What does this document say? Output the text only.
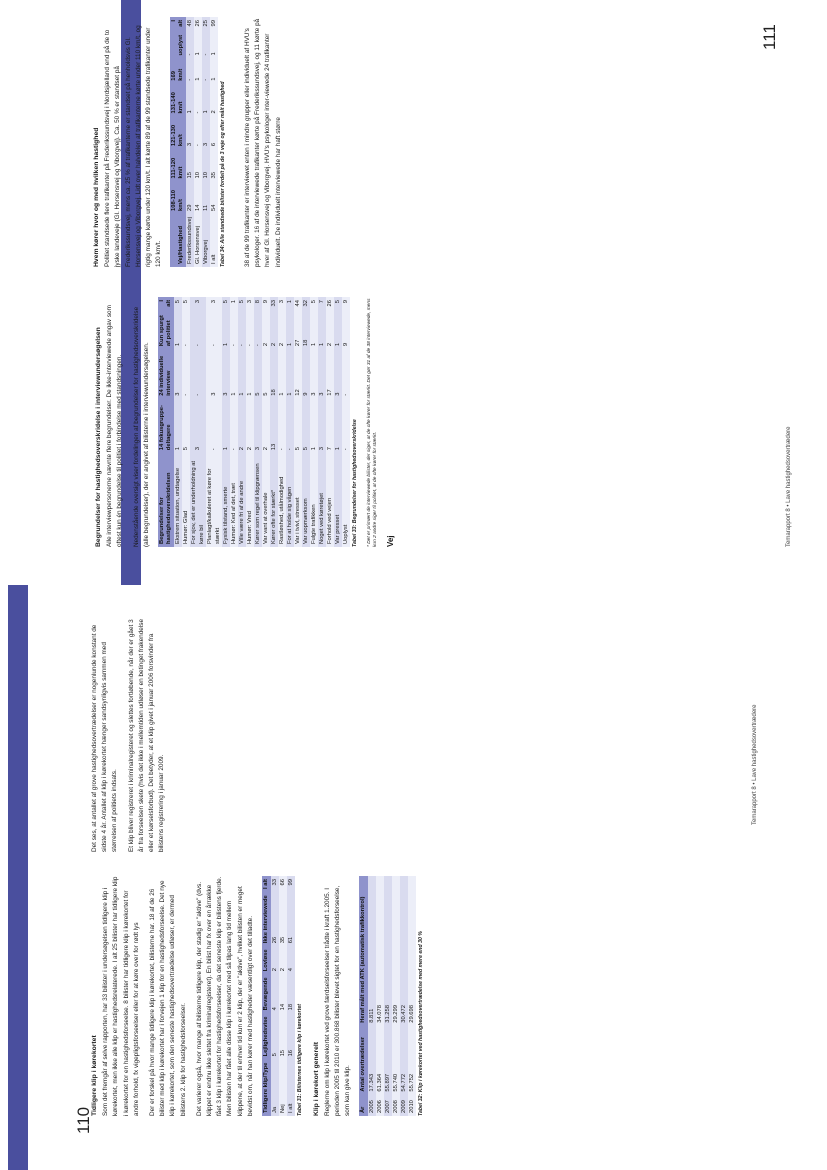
110
Tidligere klip i kørekortet Som det fremgår af selve rapporten, har 33 bilister i undersøgelsen tidligere klip i kørekortet, men ikke alle klip er hastighedsrelaterede. I alt 25 bilister har tidligere klip i kørekortet for en hastighedsforseelse. 8 bilister har tidligere klip i kørekortet for andre forhold, fx vigepligtsforseelser eller for at køre over for rødt lys	Der er forskel på hvor mange tidligere klip i kørekortet, bilisterne har. 18 af de 26 bilister med klip i kørekortet har i forvejen 1 klip for en hastighedsforseelse. Det nye klip i kørekortet, som den seneste hastighedsovertrædelse udløser, er dermed bilistens 2. klip for hastighedsforseelser.	Det varierer også, hvor mange af bilisterne tidligere klip, der stadig er "aktive" (dvs. klippet er endnu ikke slettet fra kriminalregisteret). En bilist har fx over en årrække fået 3 klip i kørekortet for hastighedsforseelser, da det seneste klip er bilistens fjerde. Men bilisten har fået alle disse klip i kørekortet med så tilpas lang tid mellem klippene, at der til enhver tid kun er 2 klip, der er "aktive", hvilket bilisten er meget bevidst om, når han kører med hastigheder væsentligt over det tilladte.	Tidligere klip/Type	Lejlighedsvise	Bevægende	Lovløse	Ikke interviewede	I alt
Ja	5	4	2	26	33
Nej	15	14	2	35	66
I alt	16	18	4	61	99
Tabel 31: Bilisternes tidligere klip i kørekortet Klip i kørekort generelt Reglerne om klip i kørekortet ved grove færdselsforseelser trådte i kraft 1.2005. I perioden 2005 til 2010 er 300.868 bilister blevet sigtet for en hastighedsforseelse, som kan give klip.	År	Antal overtrædelser	Heraf målt med ATK (automatisk trafikkontrol)
2005	17.343	8.811
2006	61.364	34.078
2007	55.897	31.258
2008	55.740	29.299
2009	54.772	30.472
2010	55.752	29.698 Tabel 32: Klip i kørekortet ved hastighedsovertrædelse med mere end 30 %

Det ses, at antallet af grove hastighedsovertrædelser er nogenlunde konstant de sidste 4 år. Antallet af klip i kørekortet hænger sandsynligvis sammen med størrelsen af politiets indsats.	Et klip bliver registreret i kriminalregisteret og slettes fortløbende, når der er gået 3 år fra forseelsen skete (hvis det ikke i mellemtiden udløser en betinget frakendelse eller et kørselsforbud). Det betyder, at et klip givet i januar 2006 forsvinder fra bilistens registrering i januar 2009.	Temarapport 8 • Lave hastighedsovertrædere
Begrundelser for hastighedsoverskridelse i interviewundersøgelsen Alle interviewpersonerne nævnte flere begrundelser. De ikke-interviewede angav som oftest kun én begrundelse til politiet i forbindelse med standsningen.	Nedenstående oversigt viser fordelingen af begrundelser for hastighedsoverskridelse (alle begrundelser), der er angivet af bilisterne i interviewundersøgelsen.	Begrundelser for hastighedsoverskridelsen	14 fokusgruppe-deltagere	24 individuelle interview	Kun spurgt af politiet	I alt
Ekstrem situation, undtagelse	1	3	1	5
Humør: Glad	5	-	-	5
For sjov, det er underholdning at køre bil	3	-	-	3
Planlagt/kalkuleret at køre for stærkt	-	3	-	3
Fysisk tilstand, smerte	1	3	1	5
Humør: Ked af det, træt	-	1	-	1
Ville være fri af de andre	2	1	-	5
Humør: Vred	2	1	-	3
Kører som regel til klipgrænsen	3	5	-	8
Var vant at overhale	2	5	2	9
Kører ofte for stærkt*	13	18	2	33
Rastløshed, utålmodighed	-	1	2	3
For at holde sig vågen	-	1	1	1
Var i tvivl, stresset	5	12	27	44
Var uopmærksom	5	9	18	32
Fulgte trafikken	1	3	1	5
Noget ved køretøjet	3	3	1	7
Forhold ved vejen	7	17	2	26
Var presset	1	3	1	5
Uoplyst	-	-	9	9
Tabel 33: Begrundelser for hastighedsoverskridelse * Det er primært de interviewede bilister, der siger, at de ofte kører for stærkt. Det gør 31 af de 38 interviewede, mens kun 2 andre siger til politiet, at de ofte kører for stærkt. Vej
Hvem kører hvor og med hvilken hastighed Politiet standsede flere trafikanter på Frederikssundsvej i Nordsjælland end på de to jyske landeveje (Gl. Horsensvej og Viborgvej). Ca. 50 % er standset på Frederikssundsvej, mens ca. 25 % af trafikanterne er standset på henholdsvis Gl. Horsensvej og Viborgvej. Lidt over halvdelen af trafikanterne kørte under 110 km/t, og rigtig mange kørte under 120 km/t. I alt kørte 89 af de 99 standsede trafikanter under 120 km/t.	Vej/Hastighed	108-110 km/t	111-120 km/t	121-130 km/t	131-140 km/t	169 km/t	uoplyst	I alt
Frederikssundsvej	29	15	3	1	-	-	48
Gl. Horsensvej	14	10	-	-	1	1	26
Viborgvej	11	10	3	1	-	-	25
I alt	54	35	6	2	1	1	99
Tabel 34: Alle standsede bilister fordelt på de 3 veje og efter målt hastighed	38 af de 99 trafikanter er interviewet enten i mindre grupper eller individuelt af HVU's psykologer. 16 af de interviewede trafikanter kørte på Frederikssundsvej, og 11 kørte på hver af Gl. Horsensvej og Viborgvej. HVU's psykologer inter-viewede 24 trafikanter individuelt. De individuelt interviewede har haft større

111
Temarapport 8 • Lave hastighedsovertrædere
